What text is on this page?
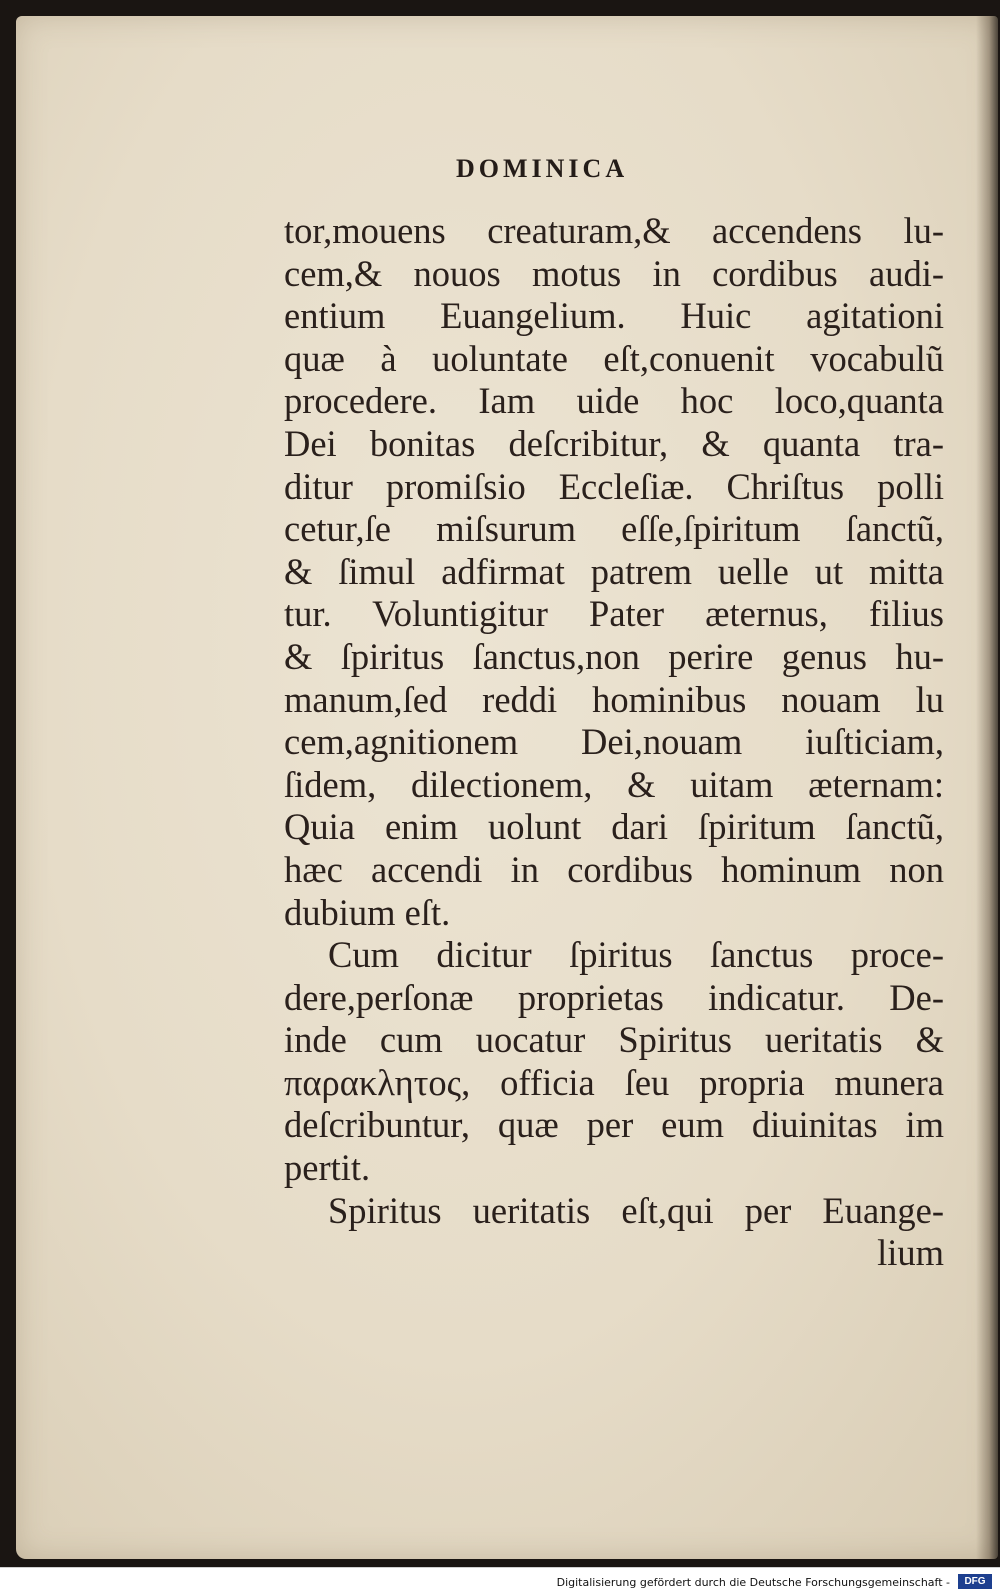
DOMINICA
tor,mouens creaturam,& accendens lu-
cem,& nouos motus in cordibus audi-
entium Euangelium. Huic agitationi
quæ à uoluntate eſt,conuenit vocabulũ
procedere. Iam uide hoc loco,quanta
Dei bonitas deſcribitur, & quanta tra-
ditur promiſsio Eccleſiæ. Chriſtus polli
cetur,ſe miſsurum eſſe,ſpiritum ſanctũ,
& ſimul adfirmat patrem uelle ut mitta
tur. Voluntigitur Pater æternus, filius
& ſpiritus ſanctus,non perire genus hu-
manum,ſed reddi hominibus nouam lu
cem,agnitionem Dei,nouam iuſticiam,
ſidem, dilectionem, & uitam æternam:
Quia enim uolunt dari ſpiritum ſanctũ,
hæc accendi in cordibus hominum non
dubium eſt.
Cum dicitur ſpiritus ſanctus proce-
dere,perſonæ proprietas indicatur. De-
inde cum uocatur Spiritus ueritatis &
παρακλητος, officia ſeu propria munera
deſcribuntur, quæ per eum diuinitas im
pertit.
Spiritus ueritatis eſt,qui per Euange-
lium
Digitalisierung gefördert durch die Deutsche Forschungsgemeinschaft -	DFG
